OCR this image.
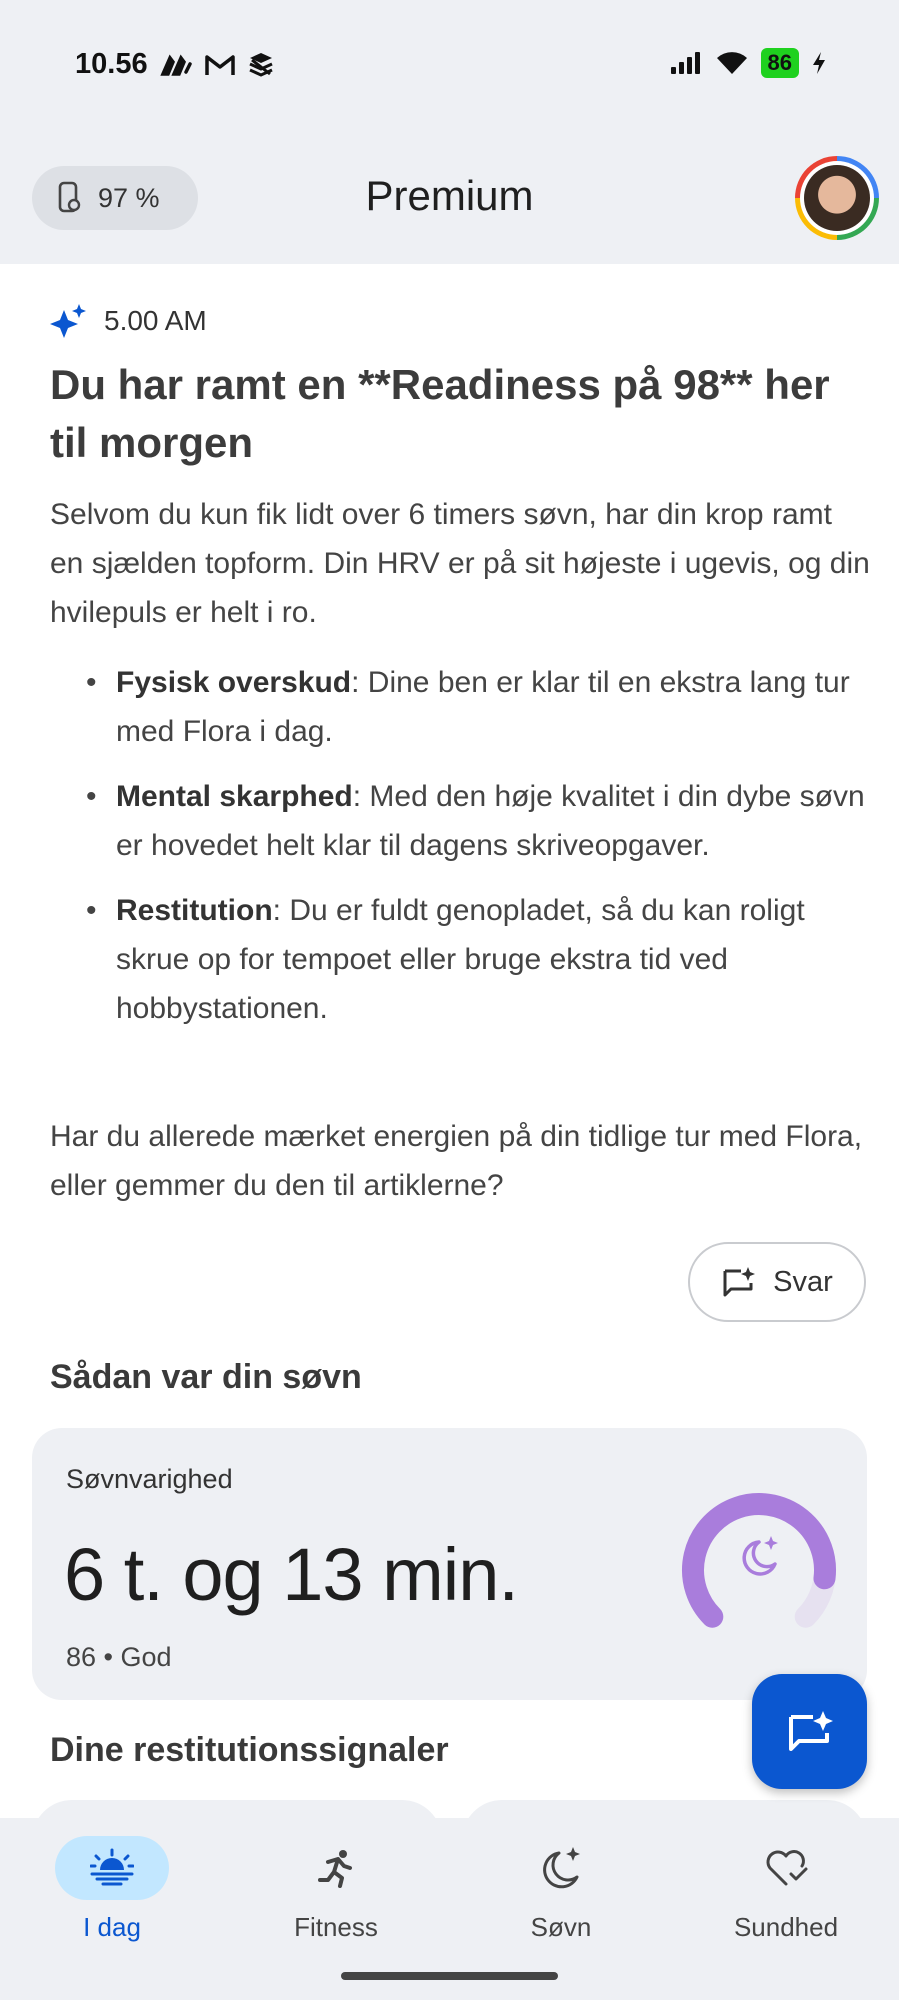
10.56	86
97 %	Premium
5.00 AM
Du har ramt en **Readiness på 98** her til morgen
Selvom du kun fik lidt over 6 timers søvn, har din krop ramt en sjælden topform. Din HRV er på sit højeste i ugevis, og din hvilepuls er helt i ro.
• Fysisk overskud: Dine ben er klar til en ekstra lang tur med Flora i dag.
• Mental skarphed: Med den høje kvalitet i din dybe søvn er hovedet helt klar til dagens skriveopgaver.
• Restitution: Du er fuldt genopladet, så du kan roligt skrue op for tempoet eller bruge ekstra tid ved hobbystationen.
Har du allerede mærket energien på din tidlige tur med Flora, eller gemmer du den til artiklerne?
Svar
Sådan var din søvn
Søvnvarighed
6 t. og 13 min.
86 • God
Dine restitutionssignaler
I dag	Fitness	Søvn	Sundhed
